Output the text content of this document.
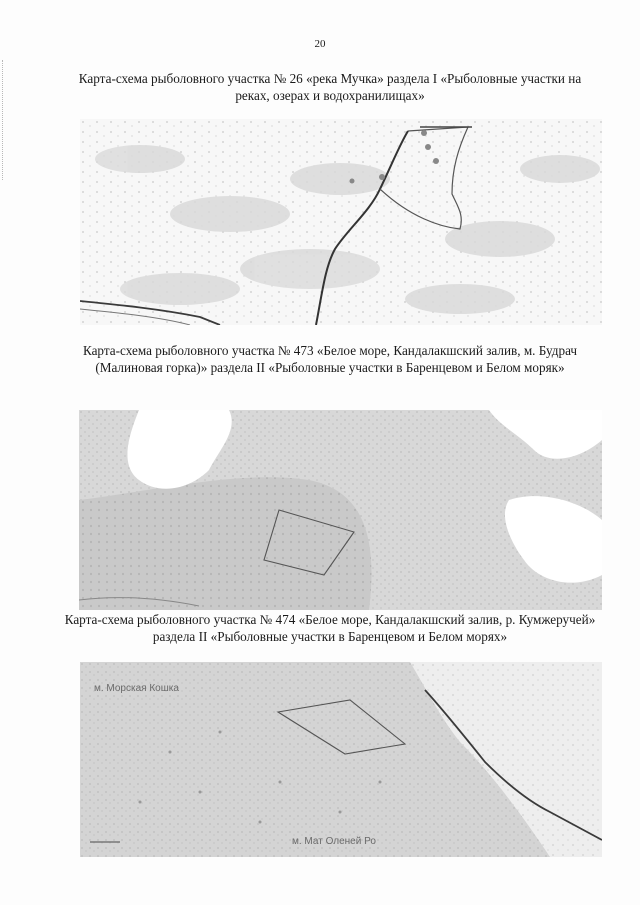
20
Карта-схема рыболовного участка № 26 «река Мучка» раздела I «Рыболовные участки на реках, озерах и водохранилищах»
Карта-схема рыболовного участка № 473 «Белое море, Кандалакшский залив, м. Будрач (Малиновая горка)» раздела II «Рыболовные участки в Баренцевом и Белом моряк»
Карта-схема рыболовного участка № 474 «Белое море, Кандалакшский залив, р. Кумжеручей» раздела II «Рыболовные участки в Баренцевом и Белом морях»
м. Морская Кошка
м. Мат Оленей Ро
